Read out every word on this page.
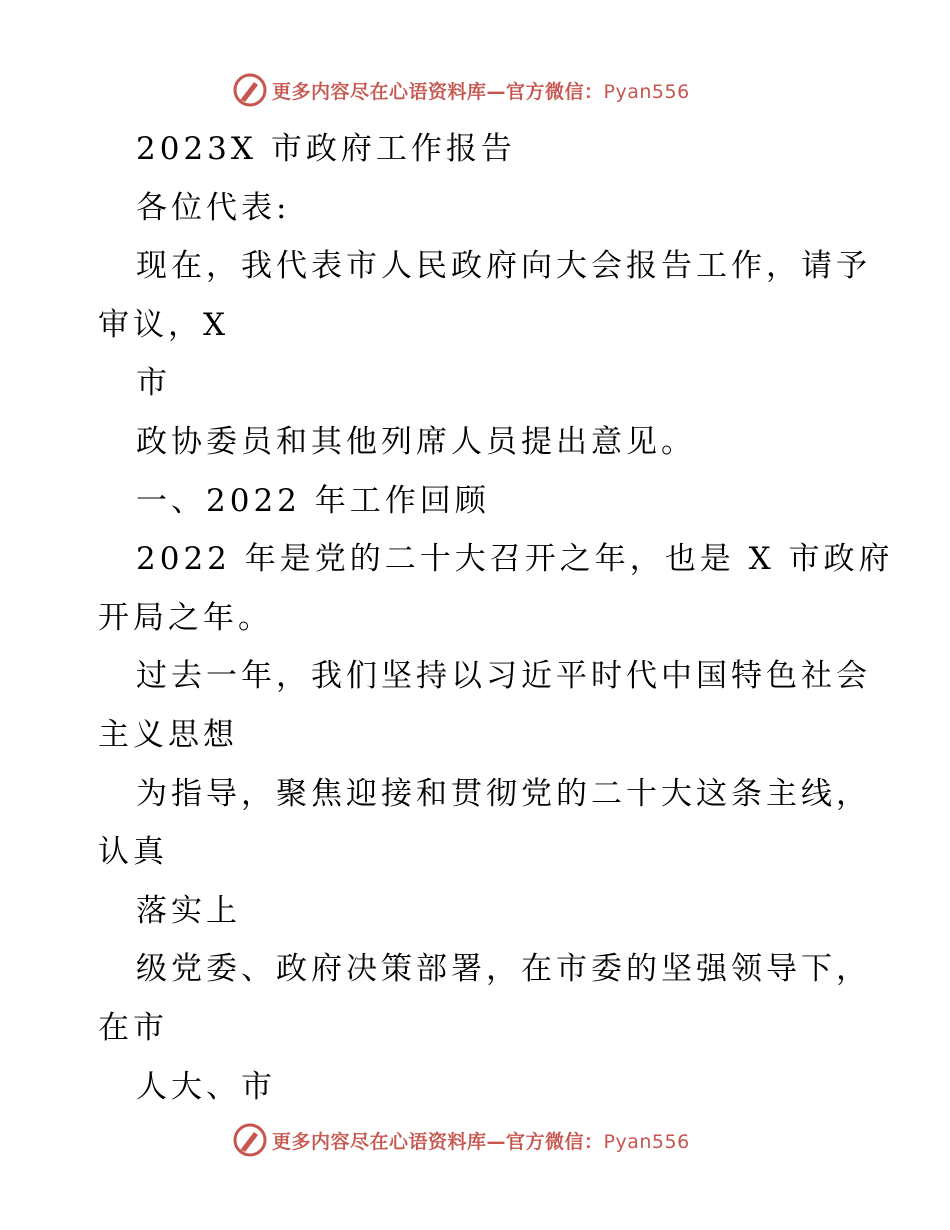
更多内容尽在心语资料库—官方微信：Pyan556
2023X 市政府工作报告
各位代表:
现在，我代表市人民政府向大会报告工作，请予
审议，X
市
政协委员和其他列席人员提出意见。
一、2022 年工作回顾
2022 年是党的二十大召开之年，也是 X 市政府
开局之年。
过去一年，我们坚持以习近平时代中国特色社会
主义思想
为指导，聚焦迎接和贯彻党的二十大这条主线，
认真
落实上
级党委、政府决策部署，在市委的坚强领导下，
在市
人大、市
更多内容尽在心语资料库—官方微信：Pyan556
